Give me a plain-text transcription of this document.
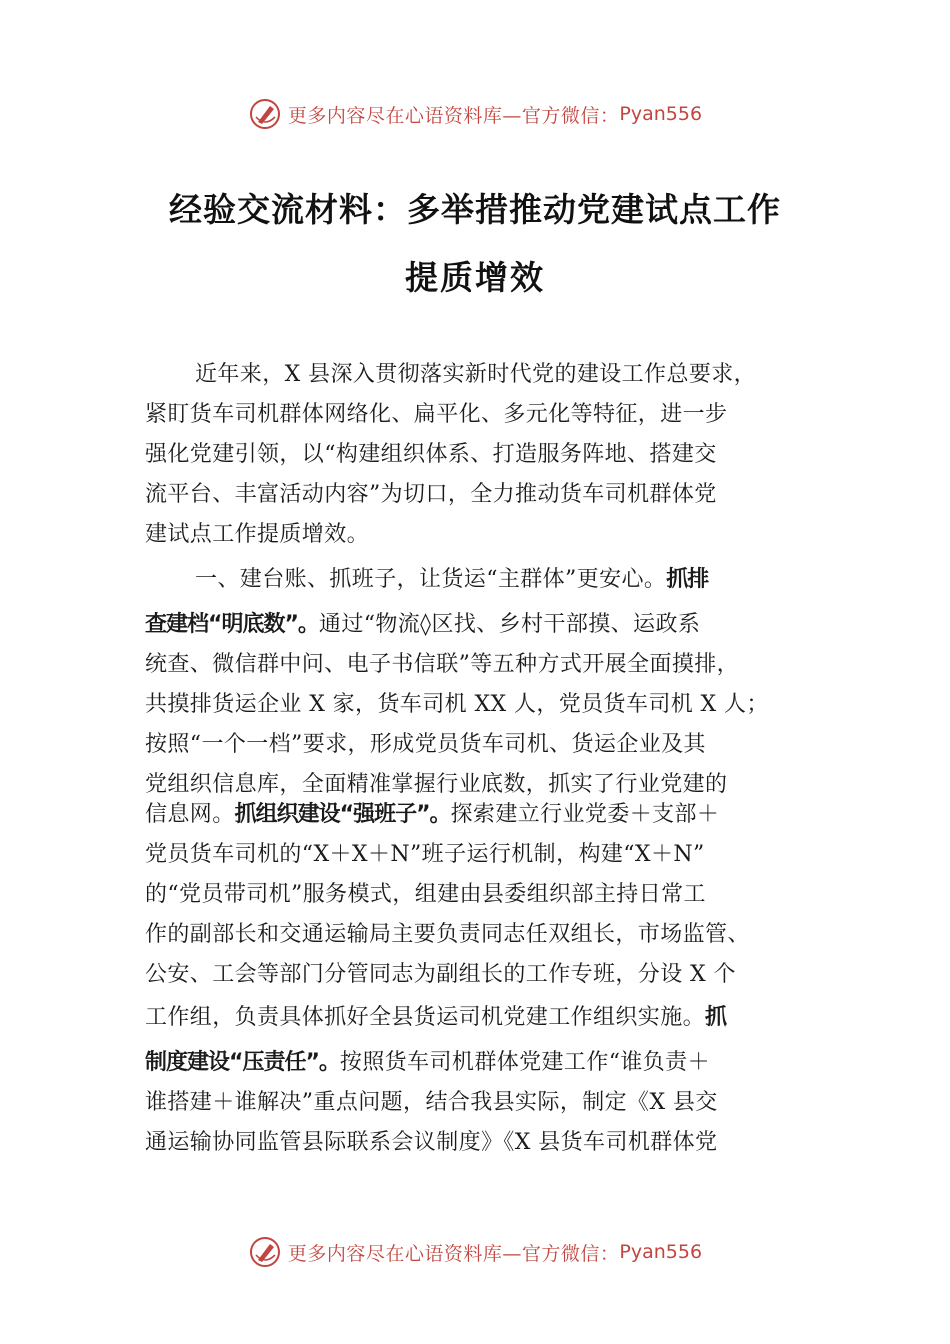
更多内容尽在心语资料库—官方微信： Pyan556
经验交流材料：多举措推动党建试点工作
提质增效
近年来，X 县深入贯彻落实新时代党的建设工作总要求，
紧盯货车司机群体网络化、扁平化、多元化等特征，进一步
强化党建引领，以“构建组织体系、打造服务阵地、搭建交
流平台、丰富活动内容”为切口，全力推动货车司机群体党
建试点工作提质增效。
一、建台账、抓班子，让货运“主群体”更安心。抓排
查建档“明底数”。通过“物流◊区找、乡村干部摸、运政系
统查、微信群中问、电子书信联”等五种方式开展全面摸排，
共摸排货运企业 X 家，货车司机 XX 人，党员货车司机 X 人；
按照“一个一档”要求，形成党员货车司机、货运企业及其
党组织信息库，全面精准掌握行业底数，抓实了行业党建的
信息网。抓组织建设“强班子”。探索建立行业党委＋支部＋
党员货车司机的“X＋X＋N”班子运行机制，构建“X＋N”
的“党员带司机”服务模式，组建由县委组织部主持日常工
作的副部长和交通运输局主要负责同志任双组长，市场监管、
公安、工会等部门分管同志为副组长的工作专班，分设 X 个
工作组，负责具体抓好全县货运司机党建工作组织实施。抓
制度建设“压责任”。按照货车司机群体党建工作“谁负责＋
谁搭建＋谁解决”重点问题，结合我县实际，制定《X 县交
通运输协同监管县际联系会议制度》《X 县货车司机群体党
更多内容尽在心语资料库—官方微信： Pyan556
